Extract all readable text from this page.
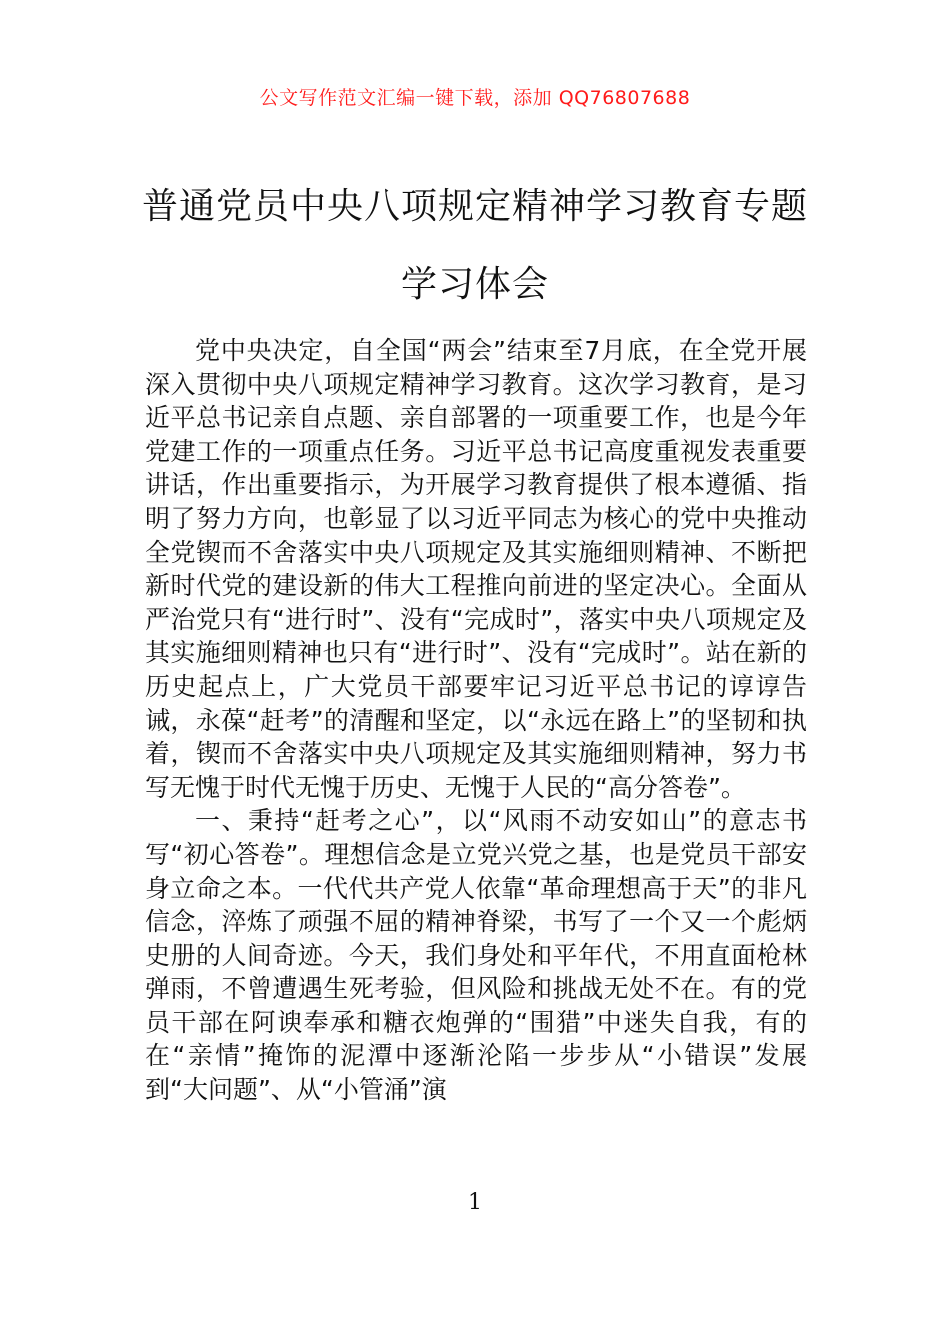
公文写作范文汇编一键下载，添加 QQ76807688
普通党员中央八项规定精神学习教育专题
学习体会

党中央决定，自全国“两会”结束至7月底，在全党开展深入贯彻中央八项规定精神学习教育。这次学习教育，是习近平总书记亲自点题、亲自部署的一项重要工作，也是今年党建工作的一项重点任务。习近平总书记高度重视发表重要讲话，作出重要指示，为开展学习教育提供了根本遵循、指明了努力方向，也彰显了以习近平同志为核心的党中央推动全党锲而不舍落实中央八项规定及其实施细则精神、不断把新时代党的建设新的伟大工程推向前进的坚定决心。全面从严治党只有“进行时”、没有“完成时”，落实中央八项规定及其实施细则精神也只有“进行时”、没有“完成时”。站在新的历史起点上，广大党员干部要牢记习近平总书记的谆谆告诫，永葆“赶考”的清醒和坚定，以“永远在路上”的坚韧和执着，锲而不舍落实中央八项规定及其实施细则精神，努力书写无愧于时代无愧于历史、无愧于人民的“高分答卷”。

一、秉持“赶考之心”，以“风雨不动安如山”的意志书写“初心答卷”。理想信念是立党兴党之基，也是党员干部安身立命之本。一代代共产党人依靠“革命理想高于天”的非凡信念，淬炼了顽强不屈的精神脊梁，书写了一个又一个彪炳史册的人间奇迹。今天，我们身处和平年代，不用直面枪林弹雨，不曾遭遇生死考验，但风险和挑战无处不在。有的党员干部在阿谀奉承和糖衣炮弹的“围猎”中迷失自我，有的在“亲情”掩饰的泥潭中逐渐沦陷一步步从“小错误”发展到“大问题”、从“小管涌”演

1
